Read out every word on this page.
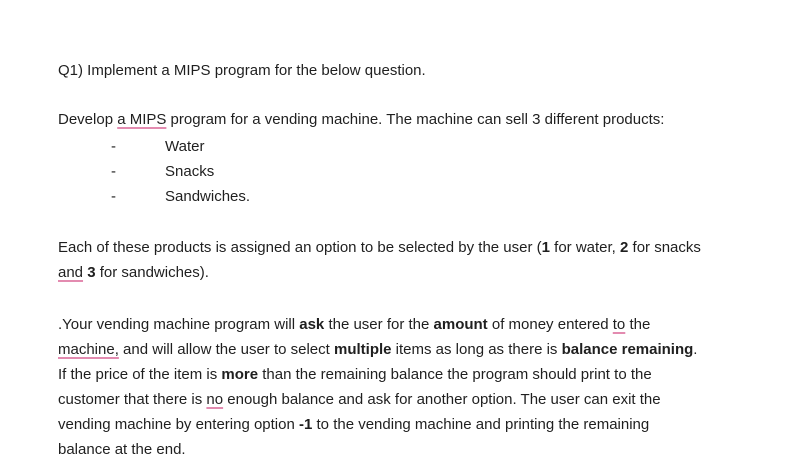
Q1) Implement a MIPS program for the below question.
Develop a MIPS program for a vending machine. The machine can sell 3 different products:
-	Water
-	Snacks
-	Sandwiches.
Each of these products is assigned an option to be selected by the user (1 for water, 2 for snacks
and 3 for sandwiches).
.Your vending machine program will ask the user for the amount of money entered to the
machine, and will allow the user to select multiple items as long as there is balance remaining.
If the price of the item is more than the remaining balance the program should print to the
customer that there is no enough balance and ask for another option. The user can exit the
vending machine by entering option -1 to the vending machine and printing the remaining
balance at the end.
